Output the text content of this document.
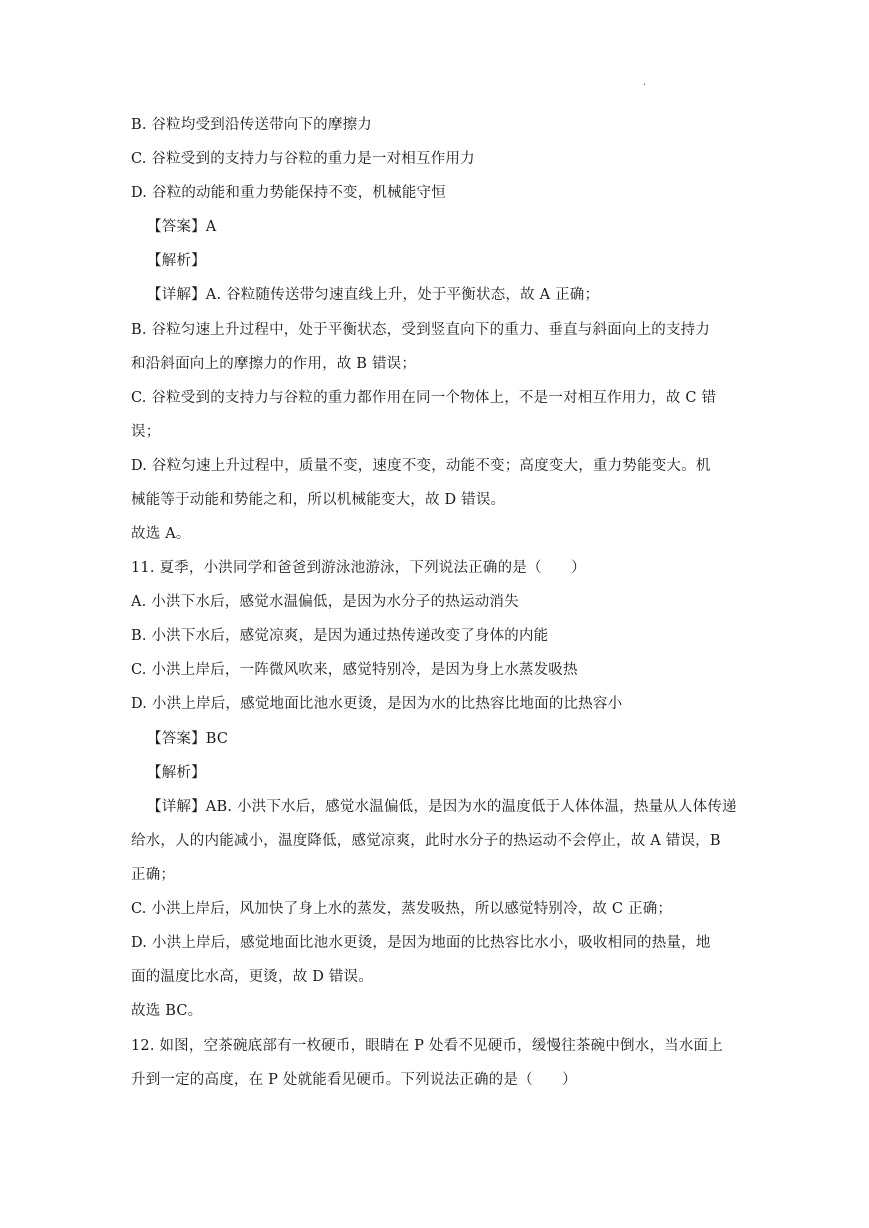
·
B. 谷粒均受到沿传送带向下的摩擦力
C. 谷粒受到的支持力与谷粒的重力是一对相互作用力
D. 谷粒的动能和重力势能保持不变，机械能守恒
【答案】A
【解析】
【详解】A. 谷粒随传送带匀速直线上升，处于平衡状态，故 A 正确；
B. 谷粒匀速上升过程中，处于平衡状态，受到竖直向下的重力、垂直与斜面向上的支持力
和沿斜面向上的摩擦力的作用，故 B 错误；
C. 谷粒受到的支持力与谷粒的重力都作用在同一个物体上，不是一对相互作用力，故 C 错
误；
D. 谷粒匀速上升过程中，质量不变，速度不变，动能不变；高度变大，重力势能变大。机
械能等于动能和势能之和，所以机械能变大，故 D 错误。
故选 A。
11. 夏季，小洪同学和爸爸到游泳池游泳，下列说法正确的是（　　）
A. 小洪下水后，感觉水温偏低，是因为水分子的热运动消失
B. 小洪下水后，感觉凉爽，是因为通过热传递改变了身体的内能
C. 小洪上岸后，一阵微风吹来，感觉特别冷，是因为身上水蒸发吸热
D. 小洪上岸后，感觉地面比池水更烫，是因为水的比热容比地面的比热容小
【答案】BC
【解析】
【详解】AB. 小洪下水后，感觉水温偏低，是因为水的温度低于人体体温，热量从人体传递
给水，人的内能减小，温度降低，感觉凉爽，此时水分子的热运动不会停止，故 A 错误，B
正确；
C. 小洪上岸后，风加快了身上水的蒸发，蒸发吸热，所以感觉特别冷，故 C 正确；
D. 小洪上岸后，感觉地面比池水更烫，是因为地面的比热容比水小，吸收相同的热量，地
面的温度比水高，更烫，故 D 错误。
故选 BC。
12. 如图，空茶碗底部有一枚硬币，眼睛在 P 处看不见硬币，缓慢往茶碗中倒水，当水面上
升到一定的高度，在 P 处就能看见硬币。下列说法正确的是（　　）
